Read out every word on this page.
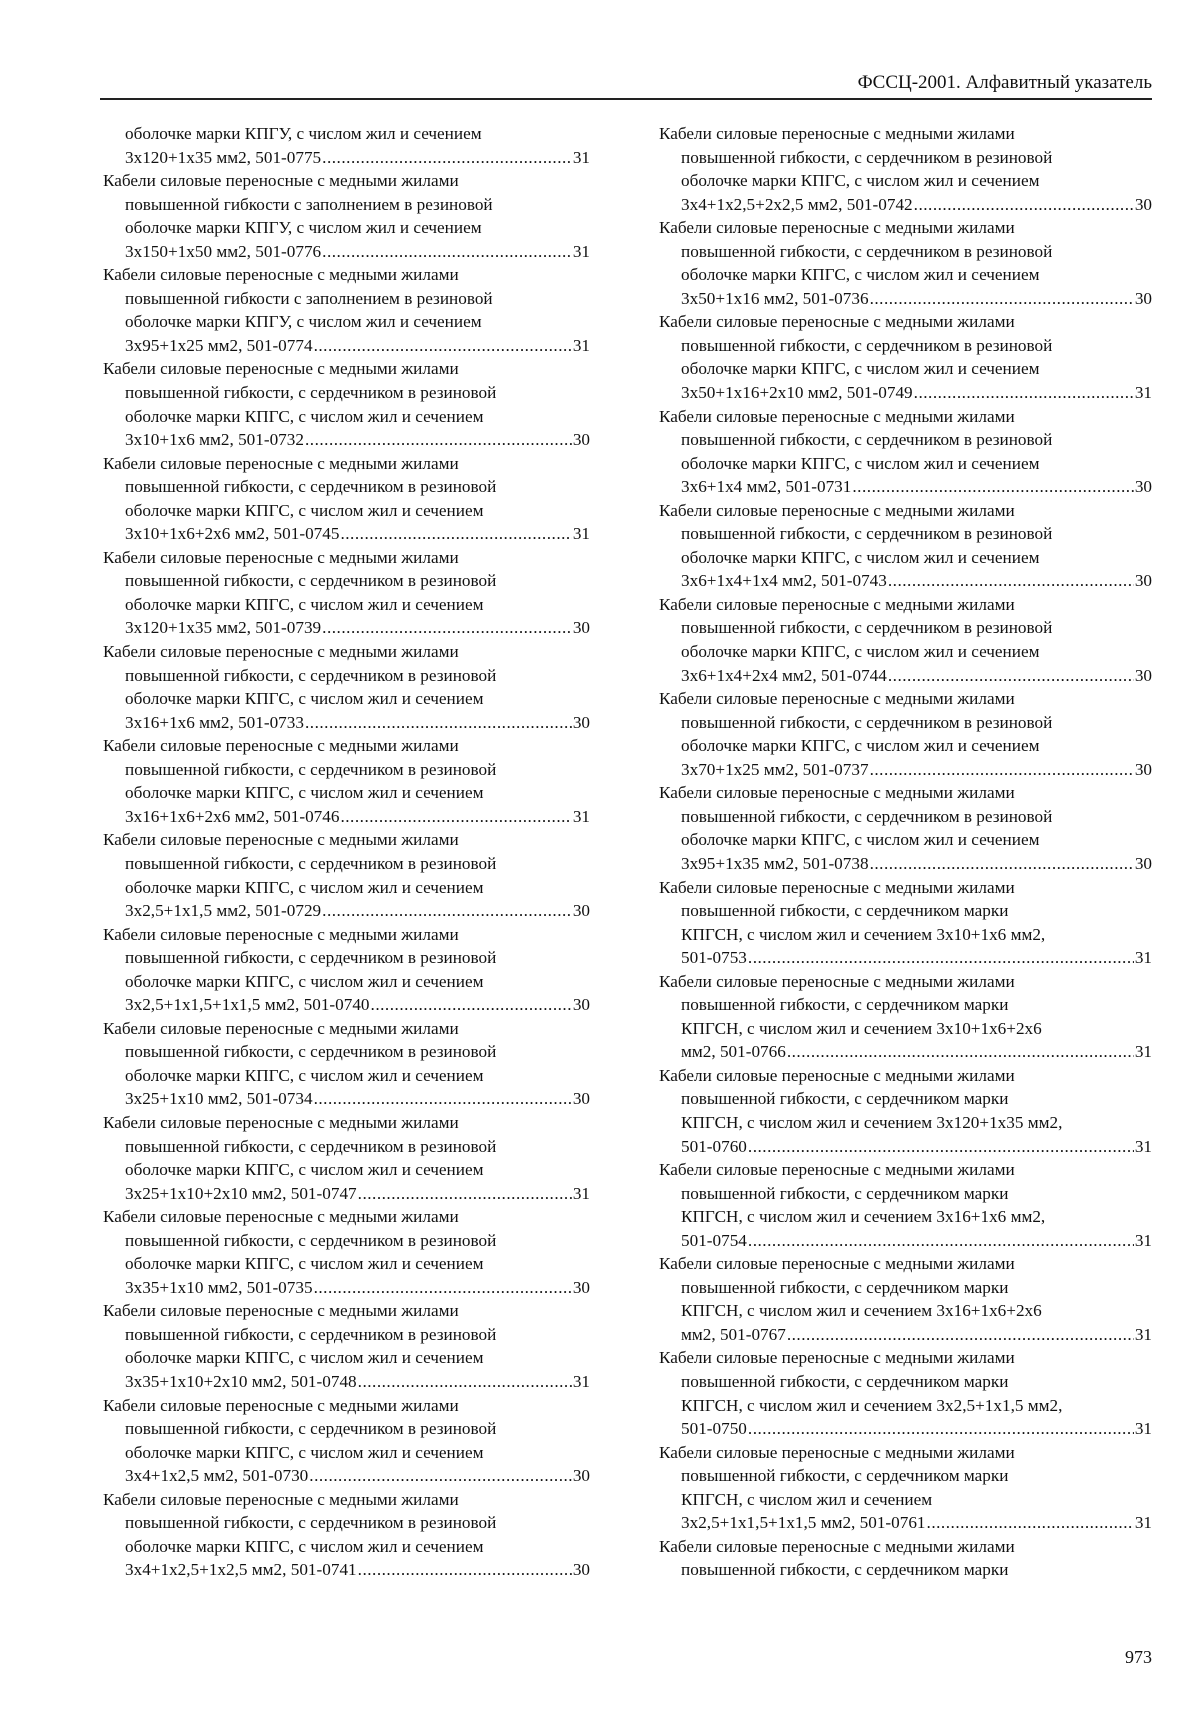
ФССЦ-2001. Алфавитный указатель
оболочке марки КПГУ, с числом жил и сечением
3x120+1x35 мм2, 501-0775 .....	31
Кабели силовые переносные с медными жилами
повышенной гибкости с заполнением в резиновой
оболочке марки КПГУ, с числом жил и сечением
3x150+1x50 мм2, 501-0776 .....	31
Кабели силовые переносные с медными жилами
повышенной гибкости с заполнением в резиновой
оболочке марки КПГУ, с числом жил и сечением
3x95+1x25 мм2, 501-0774 .....	31
Кабели силовые переносные с медными жилами
повышенной гибкости, с сердечником в резиновой
оболочке марки КПГС, с числом жил и сечением
3x10+1x6 мм2, 501-0732 .....	30
Кабели силовые переносные с медными жилами
повышенной гибкости, с сердечником в резиновой
оболочке марки КПГС, с числом жил и сечением
3x10+1x6+2x6 мм2, 501-0745 .....	31
Кабели силовые переносные с медными жилами
повышенной гибкости, с сердечником в резиновой
оболочке марки КПГС, с числом жил и сечением
3x120+1x35 мм2, 501-0739 .....	30
Кабели силовые переносные с медными жилами
повышенной гибкости, с сердечником в резиновой
оболочке марки КПГС, с числом жил и сечением
3x16+1x6 мм2, 501-0733 .....	30
Кабели силовые переносные с медными жилами
повышенной гибкости, с сердечником в резиновой
оболочке марки КПГС, с числом жил и сечением
3x16+1x6+2x6 мм2, 501-0746 .....	31
Кабели силовые переносные с медными жилами
повышенной гибкости, с сердечником в резиновой
оболочке марки КПГС, с числом жил и сечением
3x2,5+1x1,5 мм2, 501-0729 .....	30
Кабели силовые переносные с медными жилами
повышенной гибкости, с сердечником в резиновой
оболочке марки КПГС, с числом жил и сечением
3x2,5+1x1,5+1x1,5 мм2, 501-0740 .....	30
Кабели силовые переносные с медными жилами
повышенной гибкости, с сердечником в резиновой
оболочке марки КПГС, с числом жил и сечением
3x25+1x10 мм2, 501-0734 .....	30
Кабели силовые переносные с медными жилами
повышенной гибкости, с сердечником в резиновой
оболочке марки КПГС, с числом жил и сечением
3x25+1x10+2x10 мм2, 501-0747 .....	31
Кабели силовые переносные с медными жилами
повышенной гибкости, с сердечником в резиновой
оболочке марки КПГС, с числом жил и сечением
3x35+1x10 мм2, 501-0735 .....	30
Кабели силовые переносные с медными жилами
повышенной гибкости, с сердечником в резиновой
оболочке марки КПГС, с числом жил и сечением
3x35+1x10+2x10 мм2, 501-0748 .....	31
Кабели силовые переносные с медными жилами
повышенной гибкости, с сердечником в резиновой
оболочке марки КПГС, с числом жил и сечением
3x4+1x2,5 мм2, 501-0730 .....	30
Кабели силовые переносные с медными жилами
повышенной гибкости, с сердечником в резиновой
оболочке марки КПГС, с числом жил и сечением
3x4+1x2,5+1x2,5 мм2, 501-0741 .....	30
Кабели силовые переносные с медными жилами
повышенной гибкости, с сердечником в резиновой
оболочке марки КПГС, с числом жил и сечением
3x4+1x2,5+2x2,5 мм2, 501-0742 .....	30
Кабели силовые переносные с медными жилами
повышенной гибкости, с сердечником в резиновой
оболочке марки КПГС, с числом жил и сечением
3x50+1x16 мм2, 501-0736 .....	30
Кабели силовые переносные с медными жилами
повышенной гибкости, с сердечником в резиновой
оболочке марки КПГС, с числом жил и сечением
3x50+1x16+2x10 мм2, 501-0749 .....	31
Кабели силовые переносные с медными жилами
повышенной гибкости, с сердечником в резиновой
оболочке марки КПГС, с числом жил и сечением
3x6+1x4 мм2, 501-0731 .....	30
Кабели силовые переносные с медными жилами
повышенной гибкости, с сердечником в резиновой
оболочке марки КПГС, с числом жил и сечением
3x6+1x4+1x4 мм2, 501-0743 .....	30
Кабели силовые переносные с медными жилами
повышенной гибкости, с сердечником в резиновой
оболочке марки КПГС, с числом жил и сечением
3x6+1x4+2x4 мм2, 501-0744 .....	30
Кабели силовые переносные с медными жилами
повышенной гибкости, с сердечником в резиновой
оболочке марки КПГС, с числом жил и сечением
3x70+1x25 мм2, 501-0737 .....	30
Кабели силовые переносные с медными жилами
повышенной гибкости, с сердечником в резиновой
оболочке марки КПГС, с числом жил и сечением
3x95+1x35 мм2, 501-0738 .....	30
Кабели силовые переносные с медными жилами
повышенной гибкости, с сердечником марки
КПГСН, с числом жил и сечением 3x10+1x6 мм2,
501-0753 .....	31
Кабели силовые переносные с медными жилами
повышенной гибкости, с сердечником марки
КПГСН, с числом жил и сечением 3x10+1x6+2x6
мм2, 501-0766 .....	31
Кабели силовые переносные с медными жилами
повышенной гибкости, с сердечником марки
КПГСН, с числом жил и сечением 3x120+1x35 мм2,
501-0760 .....	31
Кабели силовые переносные с медными жилами
повышенной гибкости, с сердечником марки
КПГСН, с числом жил и сечением 3x16+1x6 мм2,
501-0754 .....	31
Кабели силовые переносные с медными жилами
повышенной гибкости, с сердечником марки
КПГСН, с числом жил и сечением 3x16+1x6+2x6
мм2, 501-0767 .....	31
Кабели силовые переносные с медными жилами
повышенной гибкости, с сердечником марки
КПГСН, с числом жил и сечением 3x2,5+1x1,5 мм2,
501-0750 .....	31
Кабели силовые переносные с медными жилами
повышенной гибкости, с сердечником марки
КПГСН, с числом жил и сечением
3x2,5+1x1,5+1x1,5 мм2, 501-0761 .....	31
Кабели силовые переносные с медными жилами
повышенной гибкости, с сердечником марки
973
